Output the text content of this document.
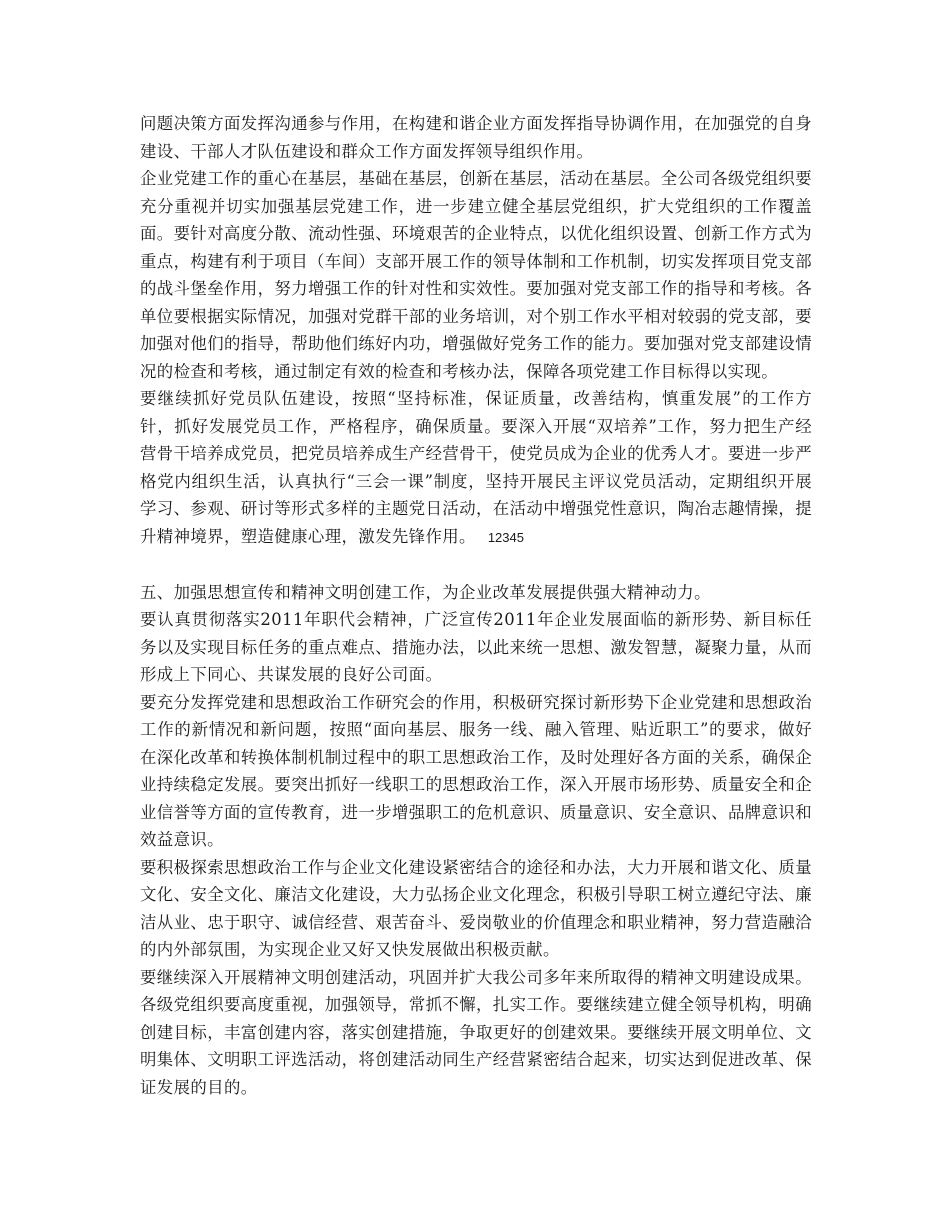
问题决策方面发挥沟通参与作用，在构建和谐企业方面发挥指导协调作用，在加强党的自身建设、干部人才队伍建设和群众工作方面发挥领导组织作用。

企业党建工作的重心在基层，基础在基层，创新在基层，活动在基层。全公司各级党组织要充分重视并切实加强基层党建工作，进一步建立健全基层党组织，扩大党组织的工作覆盖面。要针对高度分散、流动性强、环境艰苦的企业特点，以优化组织设置、创新工作方式为重点，构建有利于项目（车间）支部开展工作的领导体制和工作机制，切实发挥项目党支部的战斗堡垒作用，努力增强工作的针对性和实效性。要加强对党支部工作的指导和考核。各单位要根据实际情况，加强对党群干部的业务培训，对个别工作水平相对较弱的党支部，要加强对他们的指导，帮助他们练好内功，增强做好党务工作的能力。要加强对党支部建设情况的检查和考核，通过制定有效的检查和考核办法，保障各项党建工作目标得以实现。

要继续抓好党员队伍建设，按照“坚持标准，保证质量，改善结构，慎重发展”的工作方针，抓好发展党员工作，严格程序，确保质量。要深入开展“双培养”工作，努力把生产经营骨干培养成党员，把党员培养成生产经营骨干，使党员成为企业的优秀人才。要进一步严格党内组织生活，认真执行“三会一课”制度，坚持开展民主评议党员活动，定期组织开展学习、参观、研讨等形式多样的主题党日活动，在活动中增强党性意识，陶冶志趣情操，提升精神境界，塑造健康心理，激发先锋作用。 12345

五、加强思想宣传和精神文明创建工作，为企业改革发展提供强大精神动力。

要认真贯彻落实2011年职代会精神，广泛宣传2011年企业发展面临的新形势、新目标任务以及实现目标任务的重点难点、措施办法，以此来统一思想、激发智慧，凝聚力量，从而形成上下同心、共谋发展的良好公司面。

要充分发挥党建和思想政治工作研究会的作用，积极研究探讨新形势下企业党建和思想政治工作的新情况和新问题，按照“面向基层、服务一线、融入管理、贴近职工”的要求，做好在深化改革和转换体制机制过程中的职工思想政治工作，及时处理好各方面的关系，确保企业持续稳定发展。要突出抓好一线职工的思想政治工作，深入开展市场形势、质量安全和企业信誉等方面的宣传教育，进一步增强职工的危机意识、质量意识、安全意识、品牌意识和效益意识。

要积极探索思想政治工作与企业文化建设紧密结合的途径和办法，大力开展和谐文化、质量文化、安全文化、廉洁文化建设，大力弘扬企业文化理念，积极引导职工树立遵纪守法、廉洁从业、忠于职守、诚信经营、艰苦奋斗、爱岗敬业的价值理念和职业精神，努力营造融洽的内外部氛围，为实现企业又好又快发展做出积极贡献。

要继续深入开展精神文明创建活动，巩固并扩大我公司多年来所取得的精神文明建设成果。各级党组织要高度重视，加强领导，常抓不懈，扎实工作。要继续建立健全领导机构，明确创建目标，丰富创建内容，落实创建措施，争取更好的创建效果。要继续开展文明单位、文明集体、文明职工评选活动，将创建活动同生产经营紧密结合起来，切实达到促进改革、保证发展的目的。
